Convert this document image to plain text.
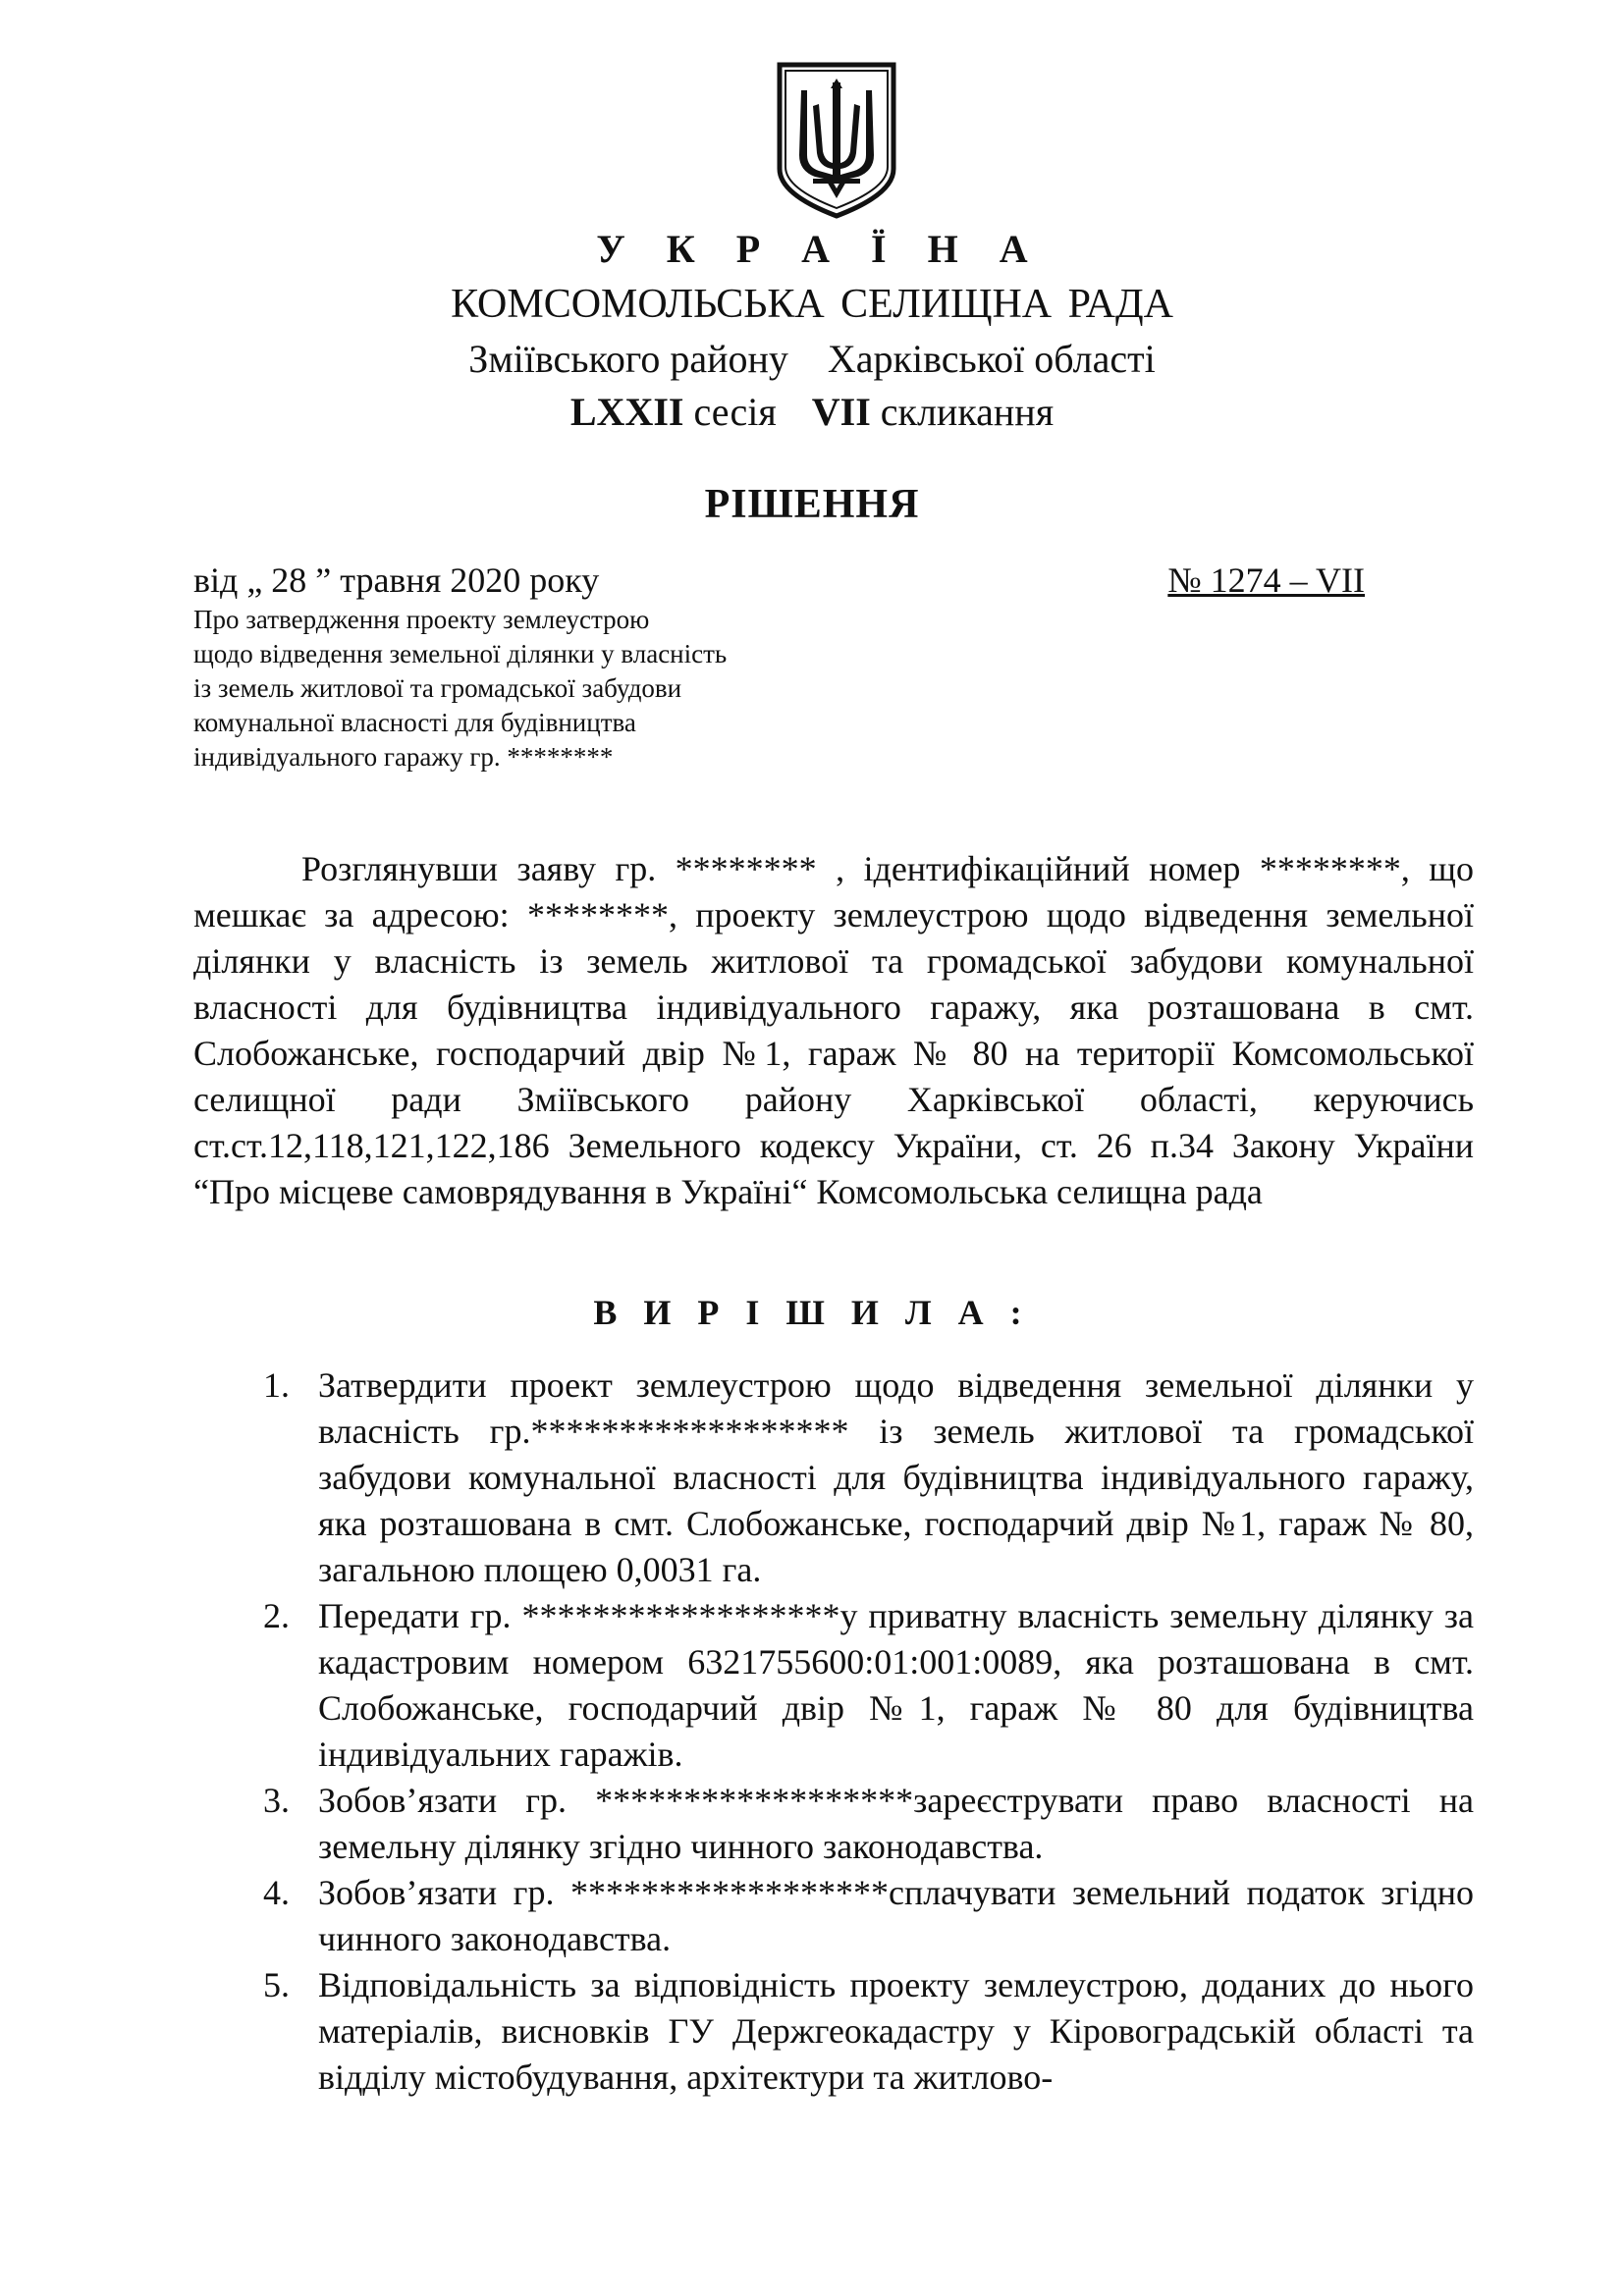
У К Р А Ї Н А
КОМСОМОЛЬСЬКА СЕЛИЩНА РАДА
Зміївського району Харківської області
LXXII сесія VII скликання
РІШЕННЯ
від „ 28 ” травня 2020 року	№ 1274 – VII
Про затвердження проекту землеустрою
щодо відведення земельної ділянки у власність
із земель житлової та громадської забудови
комунальної власності для будівництва
індивідуального гаражу гр. ********
Розглянувши заяву гр. ******** , ідентифікаційний номер ********, що мешкає за адресою: ********, проекту землеустрою щодо відведення земельної ділянки у власність із земель житлової та громадської забудови комунальної власності для будівництва індивідуального гаражу, яка розташована в смт. Слобожанське, господарчий двір №1, гараж № 80 на території Комсомольської селищної ради Зміївського району Харківської області, керуючись ст.ст.12,118,121,122,186 Земельного кодексу України, ст. 26 п.34 Закону України “Про місцеве самоврядування в Україні“ Комсомольська селищна рада
В И Р І Ш И Л А :
1. Затвердити проект землеустрою щодо відведення земельної ділянки у власність гр.****************** із земель житлової та громадської забудови комунальної власності для будівництва індивідуального гаражу, яка розташована в смт. Слобожанське, господарчий двір №1, гараж № 80, загальною площею 0,0031 га.
2. Передати гр. ******************у приватну власність земельну ділянку за кадастровим номером 6321755600:01:001:0089, яка розташована в смт. Слобожанське, господарчий двір №1, гараж № 80 для будівництва індивідуальних гаражів.
3. Зобов’язати гр. ******************зареєструвати право власності на земельну ділянку згідно чинного законодавства.
4. Зобов’язати гр. ******************сплачувати земельний податок згідно чинного законодавства.
5. Відповідальність за відповідність проекту землеустрою, доданих до нього матеріалів, висновків ГУ Держгеокадастру у Кіровоградській області та відділу містобудування, архітектури та житлово-
